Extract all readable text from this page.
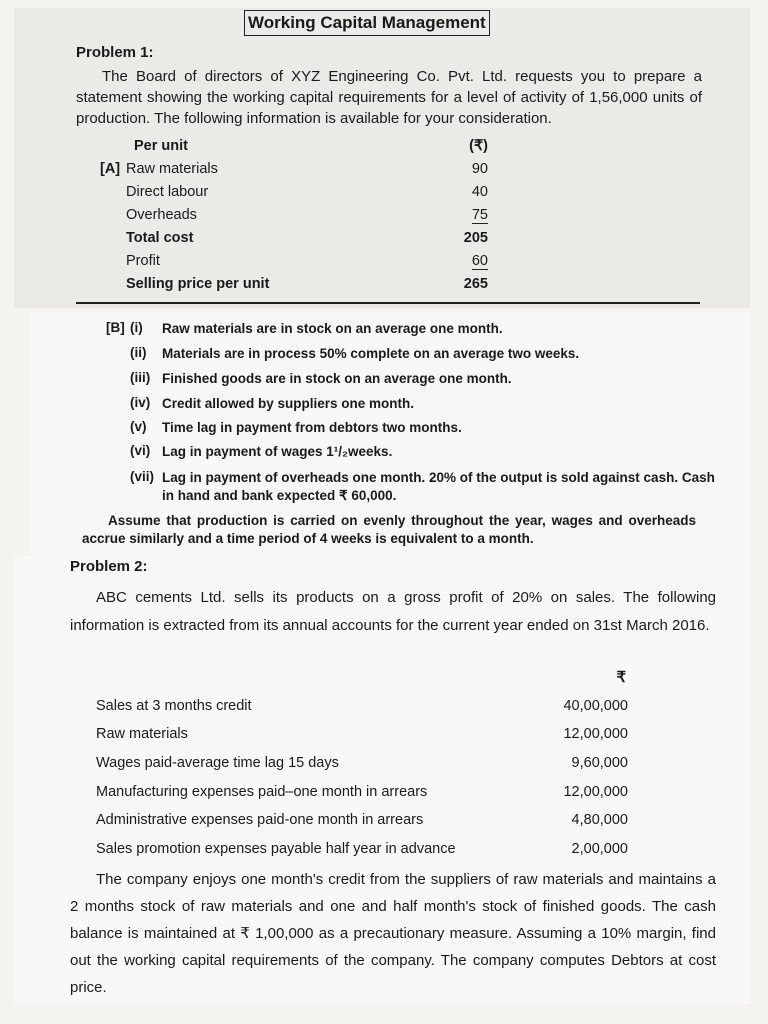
Working Capital Management
Problem 1:
The Board of directors of XYZ Engineering Co. Pvt. Ltd. requests you to prepare a statement showing the working capital requirements for a level of activity of 1,56,000 units of production. The following information is available for your consideration.
Per unit	(₹)
[A] Raw materials	90
Direct labour	40
Overheads	75
Total cost	205
Profit	60
Selling price per unit	265
[B] (i) Raw materials are in stock on an average one month.
(ii) Materials are in process 50% complete on an average two weeks.
(iii) Finished goods are in stock on an average one month.
(iv) Credit allowed by suppliers one month.
(v) Time lag in payment from debtors two months.
(vi) Lag in payment of wages 1¹/₂weeks.
(vii) Lag in payment of overheads one month. 20% of the output is sold against cash. Cash in hand and bank expected ₹ 60,000.
Assume that production is carried on evenly throughout the year, wages and overheads accrue similarly and a time period of 4 weeks is equivalent to a month.
Problem 2:
ABC cements Ltd. sells its products on a gross profit of 20% on sales. The following information is extracted from its annual accounts for the current year ended on 31st March 2016.
₹
Sales at 3 months credit	40,00,000
Raw materials	12,00,000
Wages paid-average time lag 15 days	9,60,000
Manufacturing expenses paid–one month in arrears	12,00,000
Administrative expenses paid-one month in arrears	4,80,000
Sales promotion expenses payable half year in advance	2,00,000
The company enjoys one month's credit from the suppliers of raw materials and maintains a 2 months stock of raw materials and one and half month's stock of finished goods. The cash balance is maintained at ₹ 1,00,000 as a precautionary measure. Assuming a 10% margin, find out the working capital requirements of the company. The company computes Debtors at cost price.
